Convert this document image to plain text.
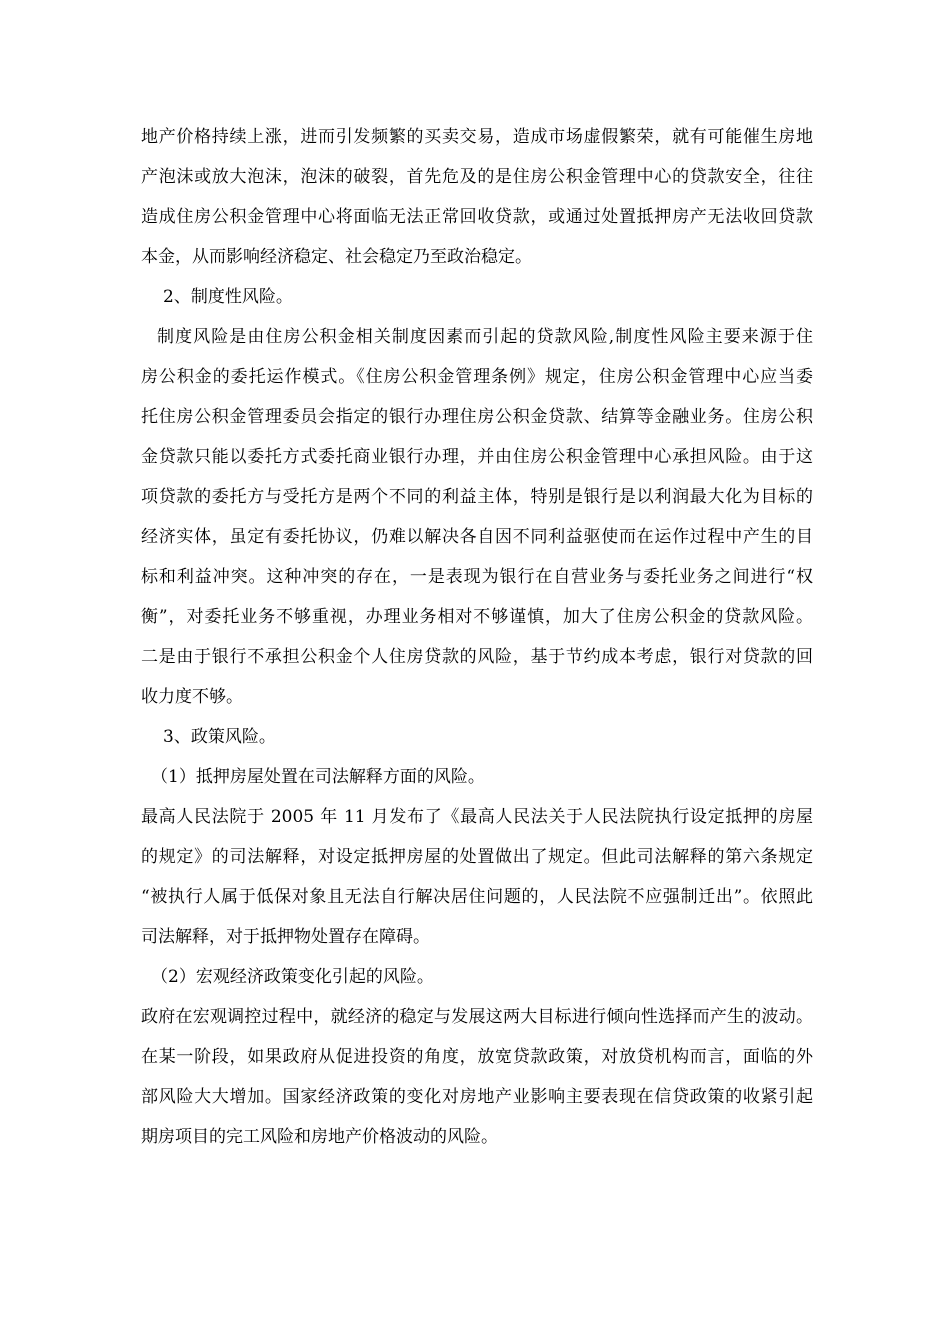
地产价格持续上涨，进而引发频繁的买卖交易，造成市场虚假繁荣，就有可能催生房地
产泡沫或放大泡沫，泡沫的破裂，首先危及的是住房公积金管理中心的贷款安全，往往
造成住房公积金管理中心将面临无法正常回收贷款，或通过处置抵押房产无法收回贷款
本金，从而影响经济稳定、社会稳定乃至政治稳定。
2、制度性风险。
制度风险是由住房公积金相关制度因素而引起的贷款风险,制度性风险主要来源于住
房公积金的委托运作模式。《住房公积金管理条例》规定，住房公积金管理中心应当委
托住房公积金管理委员会指定的银行办理住房公积金贷款、结算等金融业务。住房公积
金贷款只能以委托方式委托商业银行办理，并由住房公积金管理中心承担风险。由于这
项贷款的委托方与受托方是两个不同的利益主体，特别是银行是以利润最大化为目标的
经济实体，虽定有委托协议，仍难以解决各自因不同利益驱使而在运作过程中产生的目
标和利益冲突。这种冲突的存在，一是表现为银行在自营业务与委托业务之间进行“权
衡”，对委托业务不够重视，办理业务相对不够谨慎，加大了住房公积金的贷款风险。
二是由于银行不承担公积金个人住房贷款的风险，基于节约成本考虑，银行对贷款的回
收力度不够。
3、政策风险。
（1）抵押房屋处置在司法解释方面的风险。
最高人民法院于 2005 年 11 月发布了《最高人民法关于人民法院执行设定抵押的房屋
的规定》的司法解释，对设定抵押房屋的处置做出了规定。但此司法解释的第六条规定
“被执行人属于低保对象且无法自行解决居住问题的，人民法院不应强制迁出”。依照此
司法解释，对于抵押物处置存在障碍。
（2）宏观经济政策变化引起的风险。
政府在宏观调控过程中，就经济的稳定与发展这两大目标进行倾向性选择而产生的波动。
在某一阶段，如果政府从促进投资的角度，放宽贷款政策，对放贷机构而言，面临的外
部风险大大增加。国家经济政策的变化对房地产业影响主要表现在信贷政策的收紧引起
期房项目的完工风险和房地产价格波动的风险。
